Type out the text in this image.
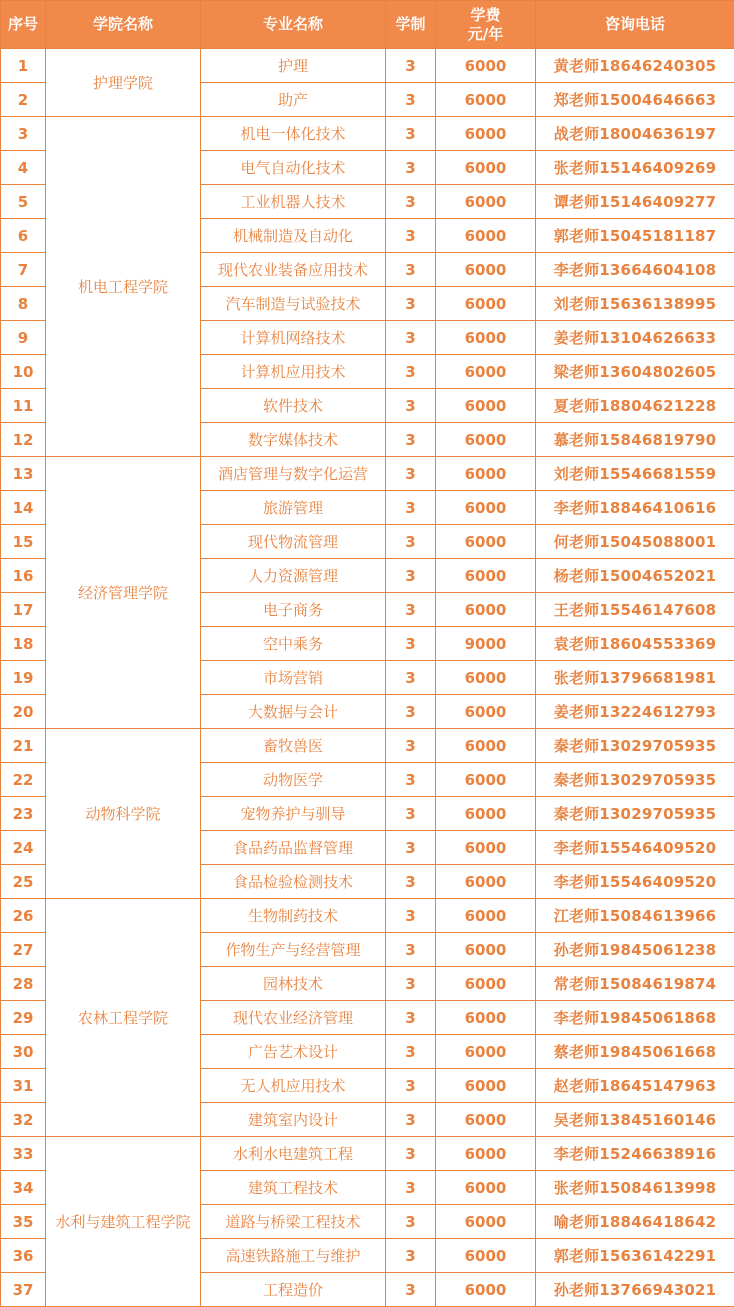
序号	学院名称	专业名称	学制	学费
元/年	咨询电话
1	护理学院	护理	3	6000	黄老师18646240305
2		助产	3	6000	郑老师15004646663
3	机电工程学院	机电一体化技术	3	6000	战老师18004636197
4		电气自动化技术	3	6000	张老师15146409269
5		工业机器人技术	3	6000	谭老师15146409277
6		机械制造及自动化	3	6000	郭老师15045181187
7		现代农业装备应用技术	3	6000	李老师13664604108
8		汽车制造与试验技术	3	6000	刘老师15636138995
9		计算机网络技术	3	6000	姜老师13104626633
10		计算机应用技术	3	6000	梁老师13604802605
11		软件技术	3	6000	夏老师18804621228
12		数字媒体技术	3	6000	慕老师15846819790
13	经济管理学院	酒店管理与数字化运营	3	6000	刘老师15546681559
14		旅游管理	3	6000	李老师18846410616
15		现代物流管理	3	6000	何老师15045088001
16		人力资源管理	3	6000	杨老师15004652021
17		电子商务	3	6000	王老师15546147608
18		空中乘务	3	9000	袁老师18604553369
19		市场营销	3	6000	张老师13796681981
20		大数据与会计	3	6000	姜老师13224612793
21	动物科学院	畜牧兽医	3	6000	秦老师13029705935
22		动物医学	3	6000	秦老师13029705935
23		宠物养护与驯导	3	6000	秦老师13029705935
24		食品药品监督管理	3	6000	李老师15546409520
25		食品检验检测技术	3	6000	李老师15546409520
26	农林工程学院	生物制药技术	3	6000	江老师15084613966
27		作物生产与经营管理	3	6000	孙老师19845061238
28		园林技术	3	6000	常老师15084619874
29		现代农业经济管理	3	6000	李老师19845061868
30		广告艺术设计	3	6000	蔡老师19845061668
31		无人机应用技术	3	6000	赵老师18645147963
32		建筑室内设计	3	6000	吴老师13845160146
33	水利与建筑工程学院	水利水电建筑工程	3	6000	李老师15246638916
34		建筑工程技术	3	6000	张老师15084613998
35		道路与桥梁工程技术	3	6000	喻老师18846418642
36		高速铁路施工与维护	3	6000	郭老师15636142291
37		工程造价	3	6000	孙老师13766943021
